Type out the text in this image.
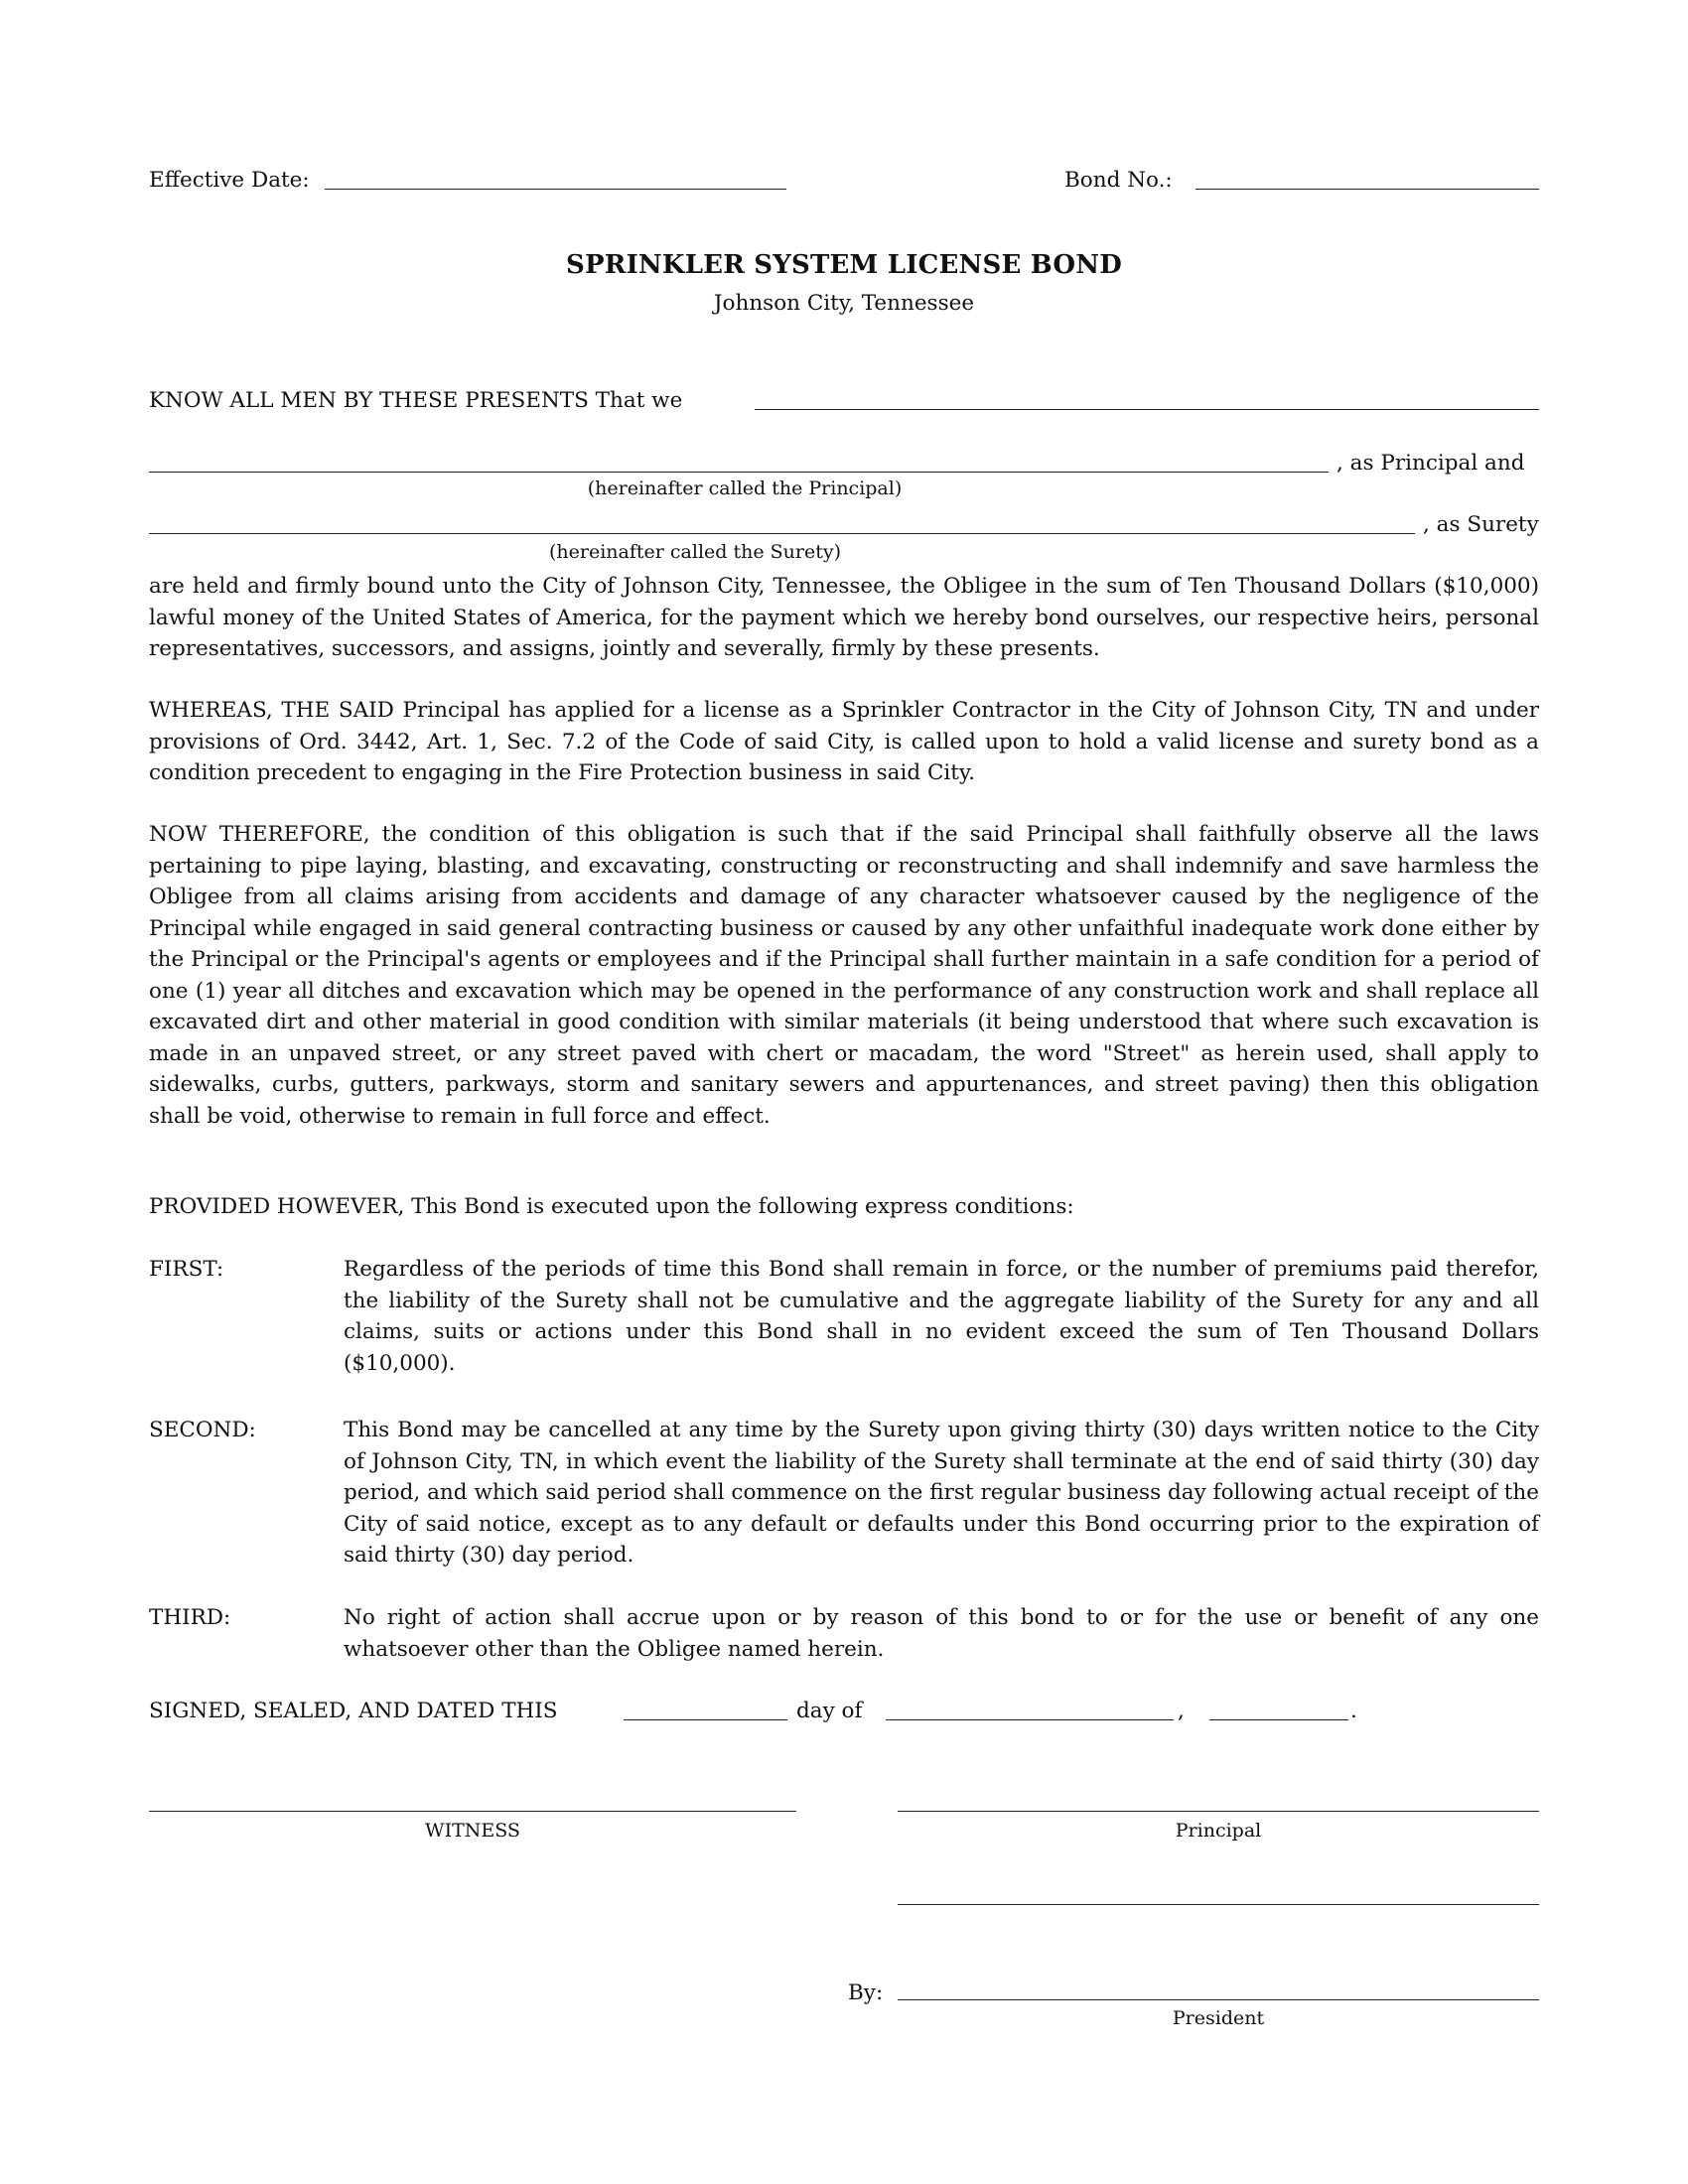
Effective Date:	Bond No.:
SPRINKLER SYSTEM LICENSE BOND
Johnson City, Tennessee
KNOW ALL MEN BY THESE PRESENTS That we
, as Principal and
(hereinafter called the Principal)
, as Surety
(hereinafter called the Surety)
are held and firmly bound unto the City of Johnson City, Tennessee, the Obligee in the sum of Ten Thousand Dollars ($10,000) lawful money of the United States of America, for the payment which we hereby bond ourselves, our respective heirs, personal representatives, successors, and assigns, jointly and severally, firmly by these presents.
WHEREAS, THE SAID Principal has applied for a license as a Sprinkler Contractor in the City of Johnson City, TN and under provisions of Ord. 3442, Art. 1, Sec. 7.2 of the Code of said City, is called upon to hold a valid license and surety bond as a condition precedent to engaging in the Fire Protection business in said City.
NOW THEREFORE, the condition of this obligation is such that if the said Principal shall faithfully observe all the laws pertaining to pipe laying, blasting, and excavating, constructing or reconstructing and shall indemnify and save harmless the Obligee from all claims arising from accidents and damage of any character whatsoever caused by the negligence of the Principal while engaged in said general contracting business or caused by any other unfaithful inadequate work done either by the Principal or the Principal's agents or employees and if the Principal shall further maintain in a safe condition for a period of one (1) year all ditches and excavation which may be opened in the performance of any construction work and shall replace all excavated dirt and other material in good condition with similar materials (it being understood that where such excavation is made in an unpaved street, or any street paved with chert or macadam, the word "Street" as herein used, shall apply to sidewalks, curbs, gutters, parkways, storm and sanitary sewers and appurtenances, and street paving) then this obligation shall be void, otherwise to remain in full force and effect.
PROVIDED HOWEVER, This Bond is executed upon the following express conditions:
FIRST:	Regardless of the periods of time this Bond shall remain in force, or the number of premiums paid therefor, the liability of the Surety shall not be cumulative and the aggregate liability of the Surety for any and all claims, suits or actions under this Bond shall in no evident exceed the sum of Ten Thousand Dollars ($10,000).
SECOND:	This Bond may be cancelled at any time by the Surety upon giving thirty (30) days written notice to the City of Johnson City, TN, in which event the liability of the Surety shall terminate at the end of said thirty (30) day period, and which said period shall commence on the first regular business day following actual receipt of the City of said notice, except as to any default or defaults under this Bond occurring prior to the expiration of said thirty (30) day period.
THIRD:	No right of action shall accrue upon or by reason of this bond to or for the use or benefit of any one whatsoever other than the Obligee named herein.
SIGNED, SEALED, AND DATED THIS	day of	,	.
WITNESS	Principal
By:
President
